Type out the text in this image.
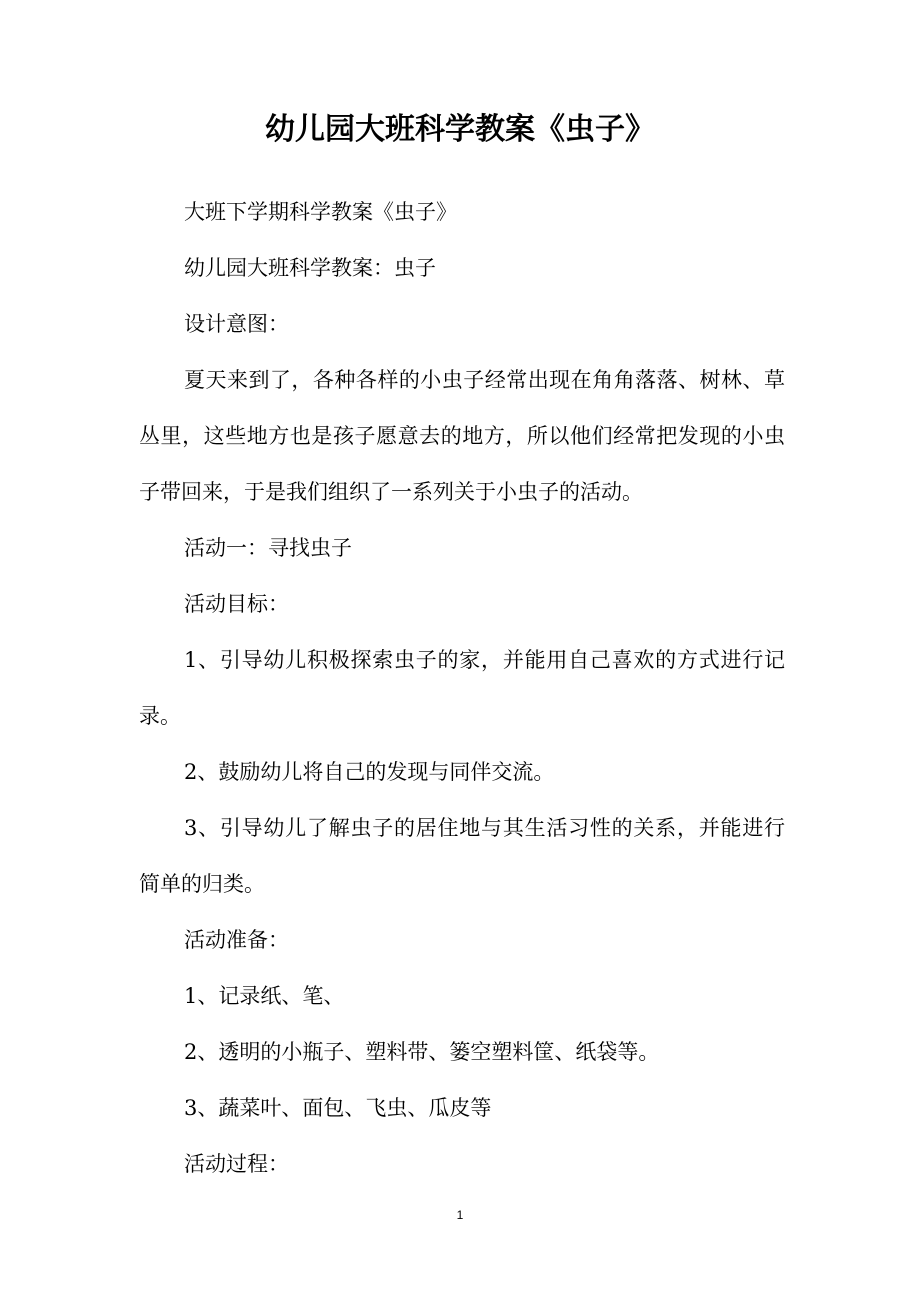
幼儿园大班科学教案《虫子》
大班下学期科学教案《虫子》
幼儿园大班科学教案：虫子
设计意图：
夏天来到了，各种各样的小虫子经常出现在角角落落、树林、草
丛里，这些地方也是孩子愿意去的地方，所以他们经常把发现的小虫
子带回来，于是我们组织了一系列关于小虫子的活动。
活动一：寻找虫子
活动目标：
1、引导幼儿积极探索虫子的家，并能用自己喜欢的方式进行记
录。
2、鼓励幼儿将自己的发现与同伴交流。
3、引导幼儿了解虫子的居住地与其生活习性的关系，并能进行
简单的归类。
活动准备：
1、记录纸、笔、
2、透明的小瓶子、塑料带、篓空塑料筐、纸袋等。
3、蔬菜叶、面包、飞虫、瓜皮等
活动过程：
1
